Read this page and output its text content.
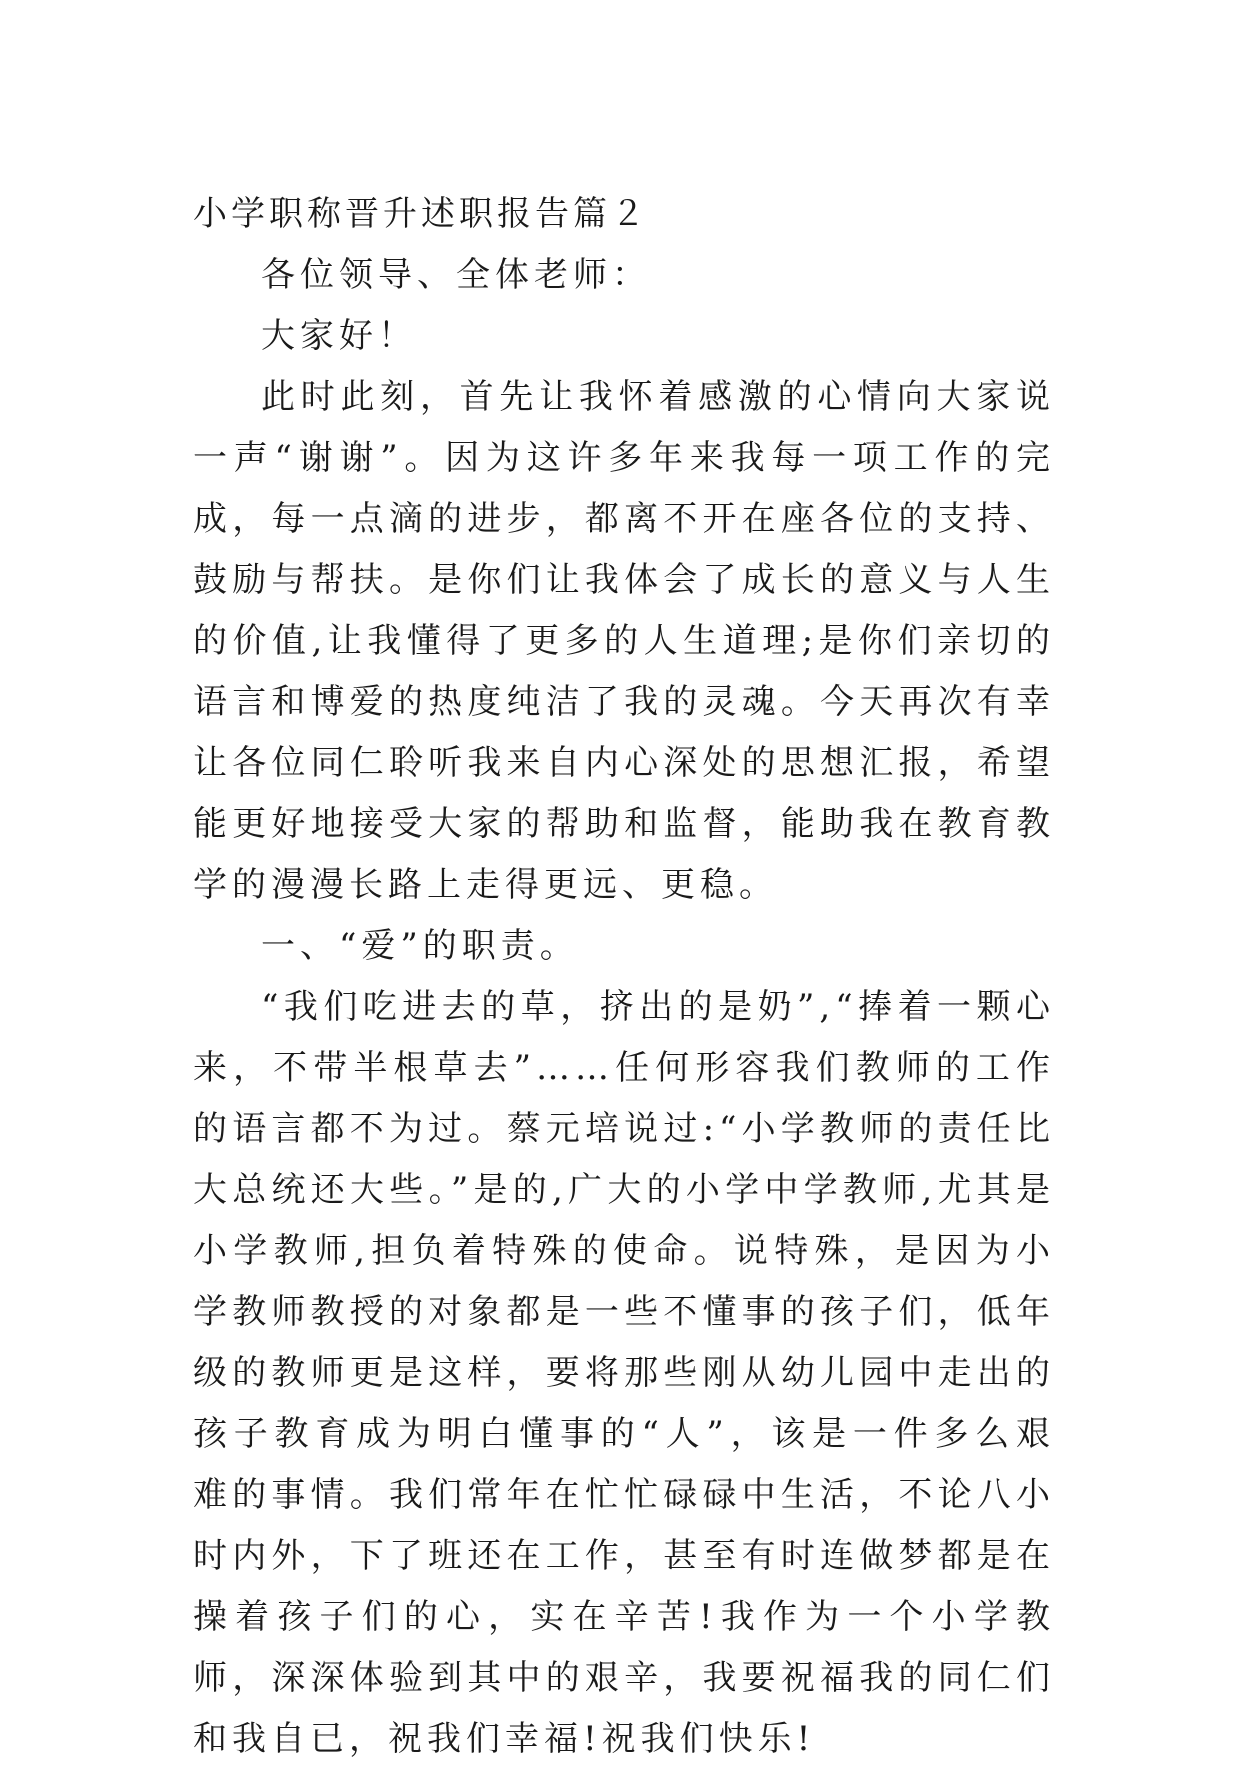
小学职称晋升述职报告篇２

各位领导、全体老师：

大家好！

此时此刻，首先让我怀着感激的心情向大家说一声“谢谢”。因为这许多年来我每一项工作的完成，每一点滴的进步，都离不开在座各位的支持、鼓励与帮扶。是你们让我体会了成长的意义与人生的价值,让我懂得了更多的人生道理;是你们亲切的语言和博爱的热度纯洁了我的灵魂。今天再次有幸让各位同仁聆听我来自内心深处的思想汇报，希望能更好地接受大家的帮助和监督，能助我在教育教学的漫漫长路上走得更远、更稳。

一、“爱”的职责。

“我们吃进去的草，挤出的是奶”,“捧着一颗心来，不带半根草去”……任何形容我们教师的工作的语言都不为过。蔡元培说过:“小学教师的责任比大总统还大些。”是的,广大的小学中学教师,尤其是小学教师,担负着特殊的使命。说特殊，是因为小学教师教授的对象都是一些不懂事的孩子们，低年级的教师更是这样，要将那些刚从幼儿园中走出的孩子教育成为明白懂事的“人”，该是一件多么艰难的事情。我们常年在忙忙碌碌中生活，不论八小时内外，下了班还在工作，甚至有时连做梦都是在操着孩子们的心，实在辛苦!我作为一个小学教师，深深体验到其中的艰辛，我要祝福我的同仁们和我自已，祝我们幸福!祝我们快乐!
